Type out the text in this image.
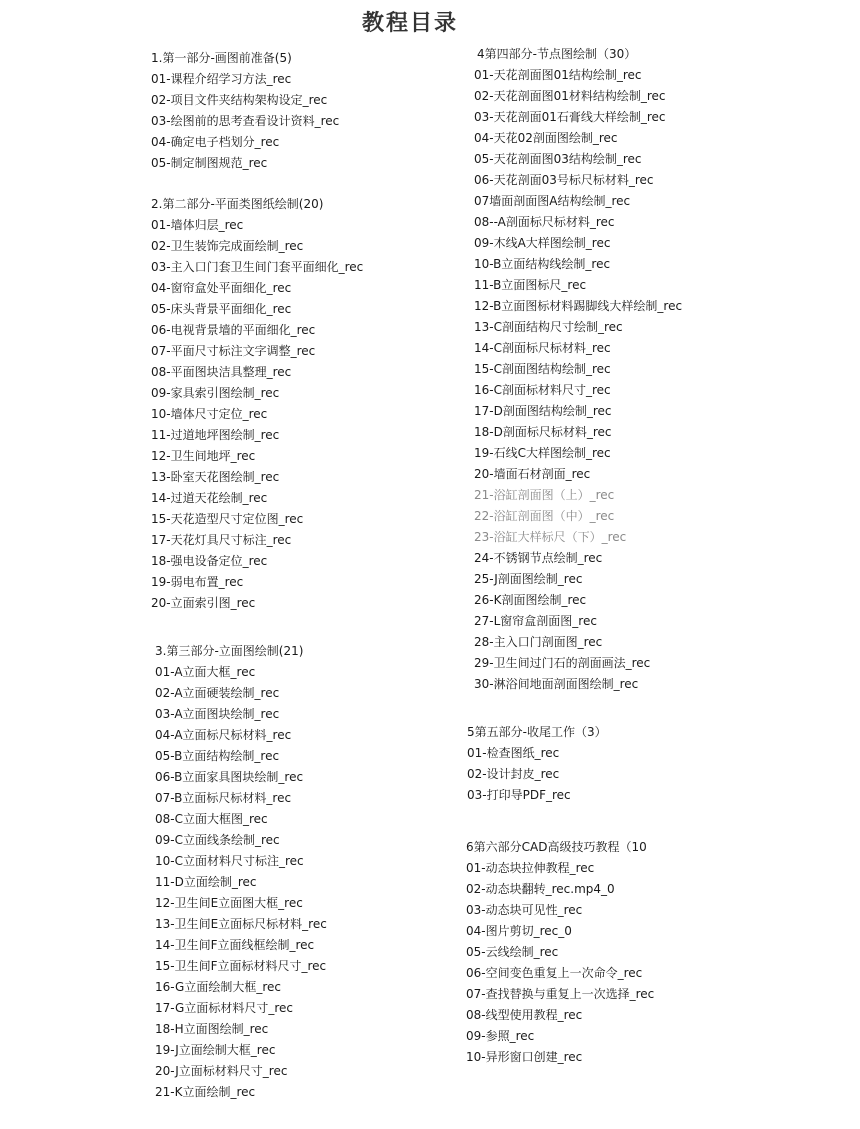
教程目录
1.第一部分-画图前准备(5)
01-课程介绍学习方法_rec
02-项目文件夹结构架构设定_rec
03-绘图前的思考查看设计资料_rec
04-确定电子档划分_rec
05-制定制图规范_rec
2.第二部分-平面类图纸绘制(20)
01-墙体归层_rec
02-卫生装饰完成面绘制_rec
03-主入口门套卫生间门套平面细化_rec
04-窗帘盒处平面细化_rec
05-床头背景平面细化_rec
06-电视背景墙的平面细化_rec
07-平面尺寸标注文字调整_rec
08-平面图块洁具整理_rec
09-家具索引图绘制_rec
10-墙体尺寸定位_rec
11-过道地坪图绘制_rec
12-卫生间地坪_rec
13-卧室天花图绘制_rec
14-过道天花绘制_rec
15-天花造型尺寸定位图_rec
17-天花灯具尺寸标注_rec
18-强电设备定位_rec
19-弱电布置_rec
20-立面索引图_rec
3.第三部分-立面图绘制(21)
01-A立面大框_rec
02-A立面硬装绘制_rec
03-A立面图块绘制_rec
04-A立面标尺标材料_rec
05-B立面结构绘制_rec
06-B立面家具图块绘制_rec
07-B立面标尺标材料_rec
08-C立面大框图_rec
09-C立面线条绘制_rec
10-C立面材料尺寸标注_rec
11-D立面绘制_rec
12-卫生间E立面图大框_rec
13-卫生间E立面标尺标材料_rec
14-卫生间F立面线框绘制_rec
15-卫生间F立面标材料尺寸_rec
16-G立面绘制大框_rec
17-G立面标材料尺寸_rec
18-H立面图绘制_rec
19-J立面绘制大框_rec
20-J立面标材料尺寸_rec
21-K立面绘制_rec
4第四部分-节点图绘制（30）
01-天花剖面图01结构绘制_rec
02-天花剖面图01材料结构绘制_rec
03-天花剖面01石膏线大样绘制_rec
04-天花02剖面图绘制_rec
05-天花剖面图03结构绘制_rec
06-天花剖面03号标尺标材料_rec
07墙面剖面图A结构绘制_rec
08--A剖面标尺标材料_rec
09-木线A大样图绘制_rec
10-B立面结构线绘制_rec
11-B立面图标尺_rec
12-B立面图标材料踢脚线大样绘制_rec
13-C剖面结构尺寸绘制_rec
14-C剖面标尺标材料_rec
15-C剖面图结构绘制_rec
16-C剖面标材料尺寸_rec
17-D剖面图结构绘制_rec
18-D剖面标尺标材料_rec
19-石线C大样图绘制_rec
20-墙面石材剖面_rec
21-浴缸剖面图（上）_rec
22-浴缸剖面图（中）_rec
23-浴缸大样标尺（下）_rec
24-不锈钢节点绘制_rec
25-J剖面图绘制_rec
26-K剖面图绘制_rec
27-L窗帘盒剖面图_rec
28-主入口门剖面图_rec
29-卫生间过门石的剖面画法_rec
30-淋浴间地面剖面图绘制_rec
5第五部分-收尾工作（3）
01-检查图纸_rec
02-设计封皮_rec
03-打印导PDF_rec
6第六部分CAD高级技巧教程（10
01-动态块拉伸教程_rec
02-动态块翻转_rec.mp4_0
03-动态块可见性_rec
04-图片剪切_rec_0
05-云线绘制_rec
06-空间变色重复上一次命令_rec
07-查找替换与重复上一次选择_rec
08-线型使用教程_rec
09-参照_rec
10-异形窗口创建_rec
